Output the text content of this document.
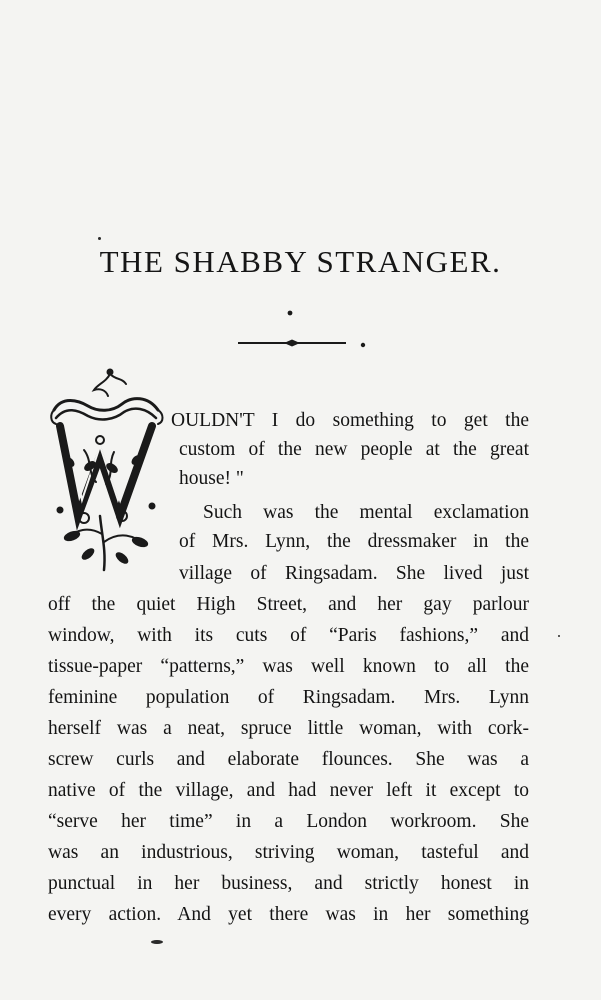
THE SHABBY STRANGER.
OULDN'T I do something to get the
custom of the new people at the great
house! "
Such was the mental exclamation
of Mrs. Lynn, the dressmaker in the
village of Ringsadam. She lived just
off the quiet High Street, and her gay parlour
window, with its cuts of “Paris fashions,” and
tissue-paper “patterns,” was well known to all the
feminine population of Ringsadam. Mrs. Lynn
herself was a neat, spruce little woman, with cork-
screw curls and elaborate flounces. She was a
native of the village, and had never left it except to
“serve her time” in a London workroom. She
was an industrious, striving woman, tasteful and
punctual in her business, and strictly honest in
every action. And yet there was in her something
